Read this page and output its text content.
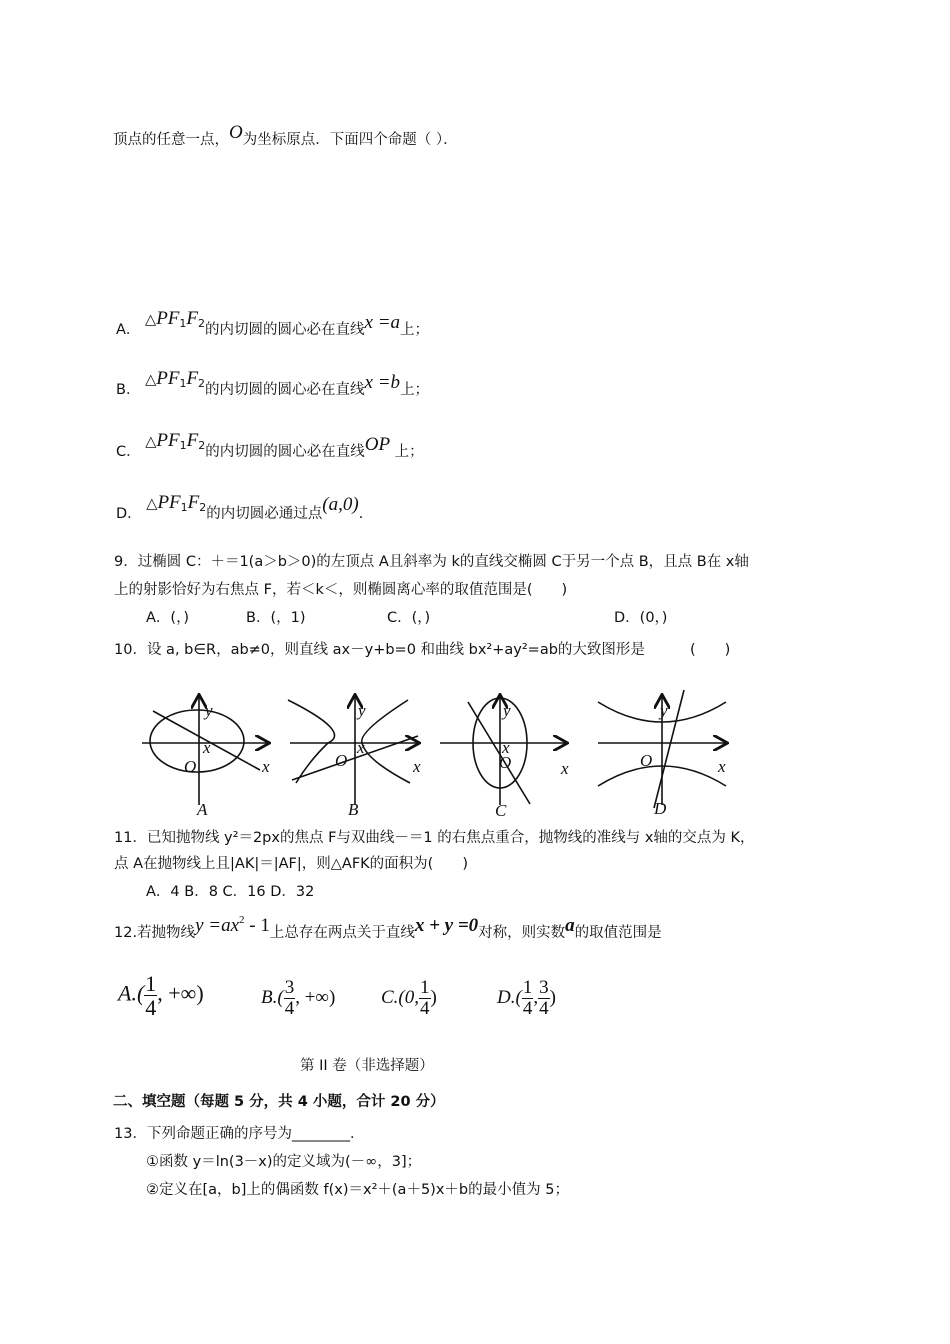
顶点的任意一点，O为坐标原点．下面四个命题（ ）．
A． $\triangle PF_1F_2$的内切圆的圆心必在直线x =a上；
B． $\triangle PF_1F_2$的内切圆的圆心必在直线x =b上；
C． $\triangle PF_1F_2$的内切圆的圆心必在直线OP 上；
D． $\triangle PF_1F_2$的内切圆必通过点(a,0).
9．过椭圆 C：＋＝1(a＞b＞0)的左顶点 A且斜率为 k的直线交椭圆 C于另一个点 B，且点 B在 x轴
上的射影恰好为右焦点 F，若＜k＜，则椭圆离心率的取值范围是(　　)
A．(，)	B．(，1)	C．(，)	D．(0，)
10．设 a, b∈R，ab≠0，则直线 ax－y+b=0 和曲线 bx²+ay²=ab的大致图形是	(　　)
y
x
x
O
A
y
x
x
O
B
y
x
x
O
C
y
x
O
D
11．已知抛物线 y²＝2px的焦点 F与双曲线－＝1 的右焦点重合，抛物线的准线与 x轴的交点为 K，
点 A在抛物线上且|AK|＝|AF|，则△AFK的面积为(　　)
A．4 B．8 C．16 D．32
12.若抛物线$y =ax^2 - 1$上总存在两点关于直线x + y =0对称，则实数a的取值范围是
$A.( \frac{1}{4}$ , +∞)	$B.( \frac{3}{4}$ , +∞) C.(0, $\frac{1}{4}$ )	$D.( \frac{1}{4}$ , $\frac{3}{4}$ )
第 II 卷（非选择题）
二、填空题（每题 5 分，共 4 小题，合计 20 分）
13．下列命题正确的序号为________．
①函数 y＝ln(3－x)的定义域为(－∞，3]；
②定义在[a，b]上的偶函数 f(x)＝x²＋(a＋5)x＋b的最小值为 5；
